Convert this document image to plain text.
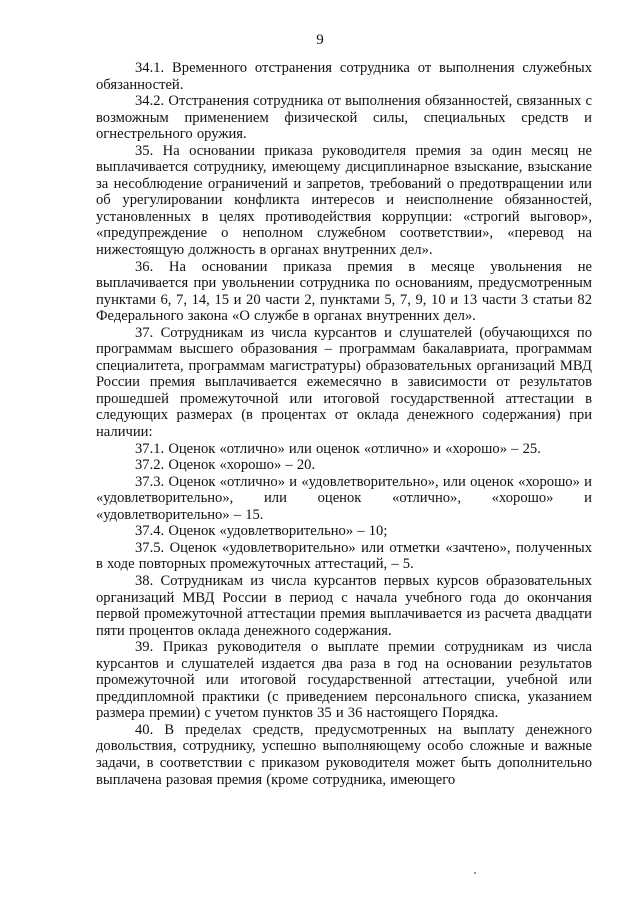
9

34.1. Временного отстранения сотрудника от выполнения служебных обязанностей.

34.2. Отстранения сотрудника от выполнения обязанностей, связанных с возможным применением физической силы, специальных средств и огнестрельного оружия.

35. На основании приказа руководителя премия за один месяц не выплачивается сотруднику, имеющему дисциплинарное взыскание, взыскание за несоблюдение ограничений и запретов, требований о предотвращении или об урегулировании конфликта интересов и неисполнение обязанностей, установленных в целях противодействия коррупции: «строгий выговор», «предупреждение о неполном служебном соответствии», «перевод на нижестоящую должность в органах внутренних дел».

36. На основании приказа премия в месяце увольнения не выплачивается при увольнении сотрудника по основаниям, предусмотренным пунктами 6, 7, 14, 15 и 20 части 2, пунктами 5, 7, 9, 10 и 13 части 3 статьи 82 Федерального закона «О службе в органах внутренних дел».

37. Сотрудникам из числа курсантов и слушателей (обучающихся по программам высшего образования – программам бакалавриата, программам специалитета, программам магистратуры) образовательных организаций МВД России премия выплачивается ежемесячно в зависимости от результатов прошедшей промежуточной или итоговой государственной аттестации в следующих размерах (в процентах от оклада денежного содержания) при наличии:

37.1. Оценок «отлично» или оценок «отлично» и «хорошо» – 25.

37.2. Оценок «хорошо» – 20.

37.3. Оценок «отлично» и «удовлетворительно», или оценок «хорошо» и «удовлетворительно», или оценок «отлично», «хорошо» и «удовлетворительно» – 15.

37.4. Оценок «удовлетворительно» – 10;

37.5. Оценок «удовлетворительно» или отметки «зачтено», полученных в ходе повторных промежуточных аттестаций, – 5.

38. Сотрудникам из числа курсантов первых курсов образовательных организаций МВД России в период с начала учебного года до окончания первой промежуточной аттестации премия выплачивается из расчета двадцати пяти процентов оклада денежного содержания.

39. Приказ руководителя о выплате премии сотрудникам из числа курсантов и слушателей издается два раза в год на основании результатов промежуточной или итоговой государственной аттестации, учебной или преддипломной практики (с приведением персонального списка, указанием размера премии) с учетом пунктов 35 и 36 настоящего Порядка.

40. В пределах средств, предусмотренных на выплату денежного довольствия, сотруднику, успешно выполняющему особо сложные и важные задачи, в соответствии с приказом руководителя может быть дополнительно выплачена разовая премия (кроме сотрудника, имеющего
